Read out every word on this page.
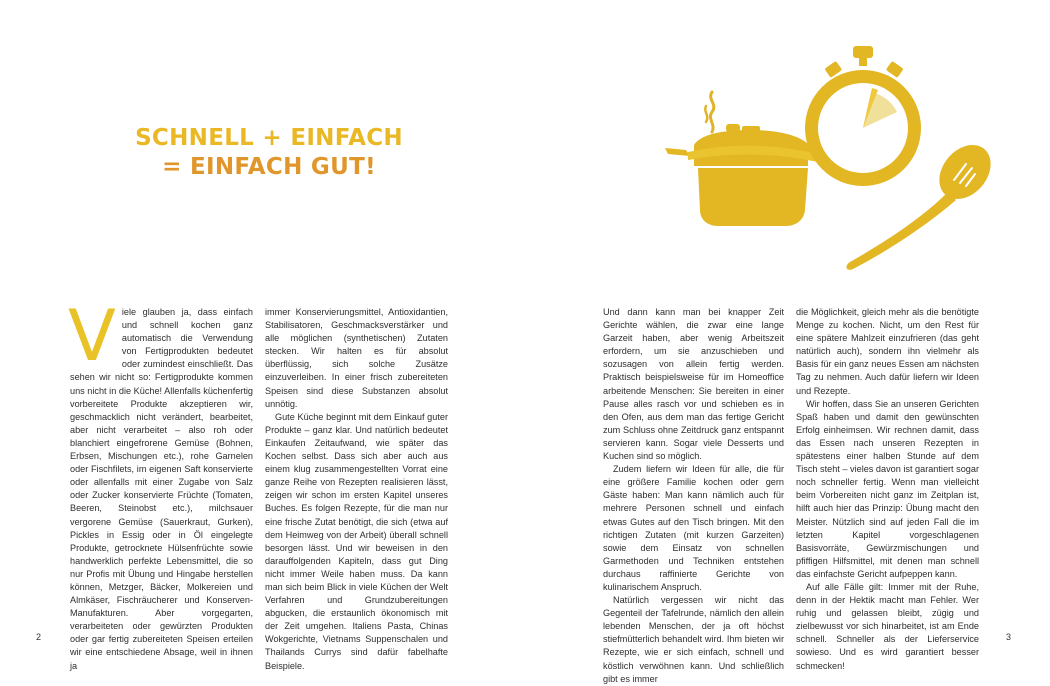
SCHNELL + EINFACH
= EINFACH GUT!
V iele glauben ja, dass einfach und schnell kochen ganz automatisch die Verwendung von Fertigprodukten bedeutet oder zumindest einschließt. Das sehen wir nicht so: Fertigprodukte kommen uns nicht in die Küche! Allenfalls küchenfertig vorbereitete Produkte akzeptieren wir, geschmacklich nicht verändert, bearbeitet, aber nicht verarbeitet – also roh oder blanchiert eingefrorene Gemüse (Bohnen, Erbsen, Mischungen etc.), rohe Garnelen oder Fischfilets, im eigenen Saft konservierte oder allenfalls mit einer Zugabe von Salz oder Zucker konservierte Früchte (Tomaten, Beeren, Steinobst etc.), milchsauer vergorene Gemüse (Sauerkraut, Gurken), Pickles in Essig oder in Öl eingelegte Produkte, getrocknete Hülsenfrüchte sowie handwerklich perfekte Lebensmittel, die so nur Profis mit Übung und Hingabe herstellen können, Metzger, Bäcker, Molkereien und Almkäser, Fischräucherer und Konserven-Manufakturen. Aber vorgegarten, verarbeiteten oder gewürzten Produkten oder gar fertig zubereiteten Speisen erteilen wir eine entschiedene Absage, weil in ihnen ja

immer Konservierungsmittel, Antioxidantien, Stabilisatoren, Geschmacksverstärker und alle möglichen (synthetischen) Zutaten stecken. Wir halten es für absolut überflüssig, sich solche Zusätze einzuverleiben. In einer frisch zubereiteten Speisen sind diese Substanzen absolut unnötig.

Gute Küche beginnt mit dem Einkauf guter Produkte – ganz klar. Und natürlich bedeutet Einkaufen Zeitaufwand, wie später das Kochen selbst. Dass sich aber auch aus einem klug zusammengestellten Vorrat eine ganze Reihe von Rezepten realisieren lässt, zeigen wir schon im ersten Kapitel unseres Buches. Es folgen Rezepte, für die man nur eine frische Zutat benötigt, die sich (etwa auf dem Heimweg von der Arbeit) überall schnell besorgen lässt. Und wir beweisen in den darauffolgenden Kapiteln, dass gut Ding nicht immer Weile haben muss. Da kann man sich beim Blick in viele Küchen der Welt Verfahren und Grundzubereitungen abgucken, die erstaunlich ökonomisch mit der Zeit umgehen. Italiens Pasta, Chinas Wokgerichte, Vietnams Suppenschalen und Thailands Currys sind dafür fabelhafte Beispiele.

Und dann kann man bei knapper Zeit Gerichte wählen, die zwar eine lange Garzeit haben, aber wenig Arbeitszeit erfordern, um sie anzuschieben und sozusagen von allein fertig werden. Praktisch beispielsweise für im Homeoffice arbeitende Menschen: Sie bereiten in einer Pause alles rasch vor und schieben es in den Ofen, aus dem man das fertige Gericht zum Schluss ohne Zeitdruck ganz entspannt servieren kann. Sogar viele Desserts und Kuchen sind so möglich.

Zudem liefern wir Ideen für alle, die für eine größere Familie kochen oder gern Gäste haben: Man kann nämlich auch für mehrere Personen schnell und einfach etwas Gutes auf den Tisch bringen. Mit den richtigen Zutaten (mit kurzen Garzeiten) sowie dem Einsatz von schnellen Garmethoden und Techniken entstehen durchaus raffinierte Gerichte von kulinarischem Anspruch.

Natürlich vergessen wir nicht das Gegenteil der Tafelrunde, nämlich den allein lebenden Menschen, der ja oft höchst stiefmütterlich behandelt wird. Ihm bieten wir Rezepte, wie er sich einfach, schnell und köstlich verwöhnen kann. Und schließlich gibt es immer

die Möglichkeit, gleich mehr als die benötigte Menge zu kochen. Nicht, um den Rest für eine spätere Mahlzeit einzufrieren (das geht natürlich auch), sondern ihn vielmehr als Basis für ein ganz neues Essen am nächsten Tag zu nehmen. Auch dafür liefern wir Ideen und Rezepte.

Wir hoffen, dass Sie an unseren Gerichten Spaß haben und damit den gewünschten Erfolg einheimsen. Wir rechnen damit, dass das Essen nach unseren Rezepten in spätestens einer halben Stunde auf dem Tisch steht – vieles davon ist garantiert sogar noch schneller fertig. Wenn man vielleicht beim Vorbereiten nicht ganz im Zeitplan ist, hilft auch hier das Prinzip: Übung macht den Meister. Nützlich sind auf jeden Fall die im letzten Kapitel vorgeschlagenen Basisvorräte, Gewürzmischungen und pfiffigen Hilfsmittel, mit denen man schnell das einfachste Gericht aufpeppen kann.

Auf alle Fälle gilt: Immer mit der Ruhe, denn in der Hektik macht man Fehler. Wer ruhig und gelassen bleibt, zügig und zielbewusst vor sich hinarbeitet, ist am Ende schnell. Schneller als der Lieferservice sowieso. Und es wird garantiert besser schmecken!

2	3
